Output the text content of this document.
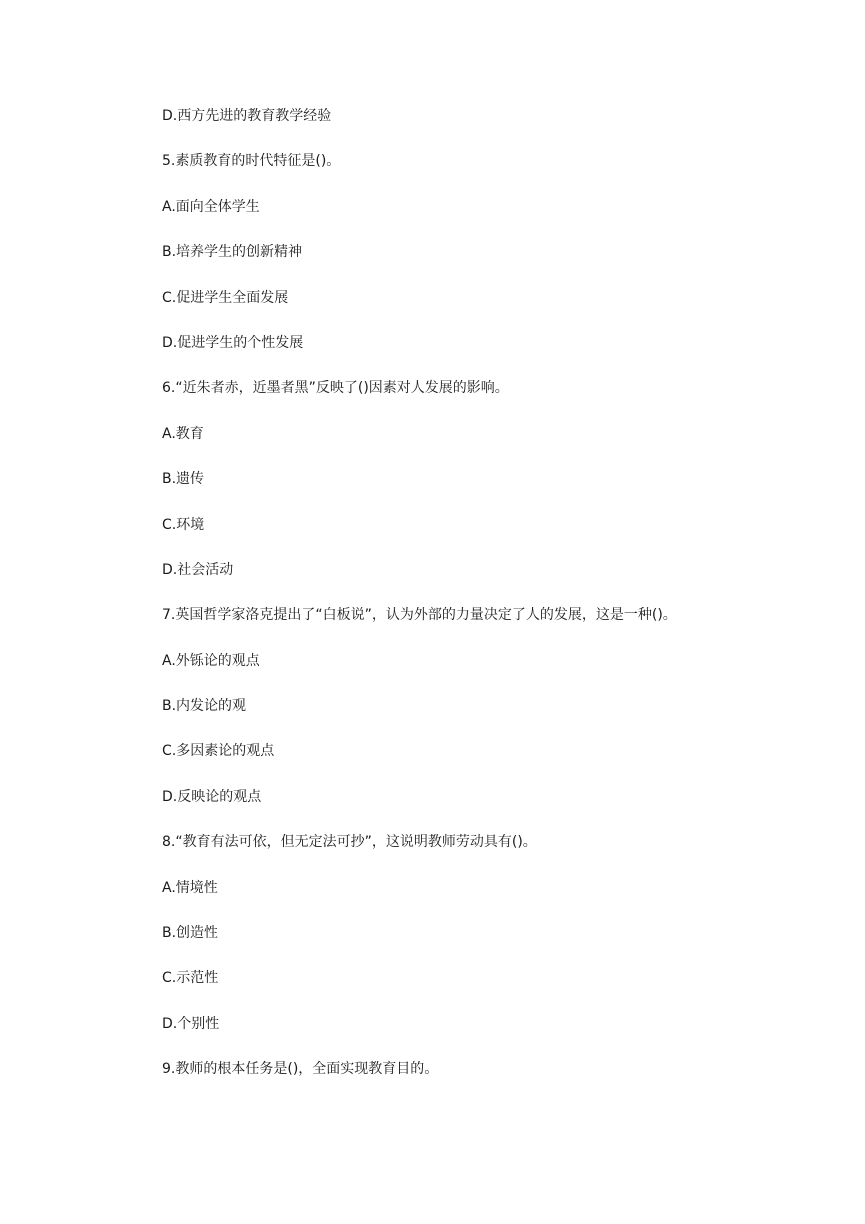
D.西方先进的教育教学经验

5.素质教育的时代特征是()。

A.面向全体学生

B.培养学生的创新精神

C.促进学生全面发展

D.促进学生的个性发展

6.“近朱者赤，近墨者黑”反映了()因素对人发展的影响。

A.教育

B.遗传

C.环境

D.社会活动

7.英国哲学家洛克提出了“白板说”，认为外部的力量决定了人的发展，这是一种()。

A.外铄论的观点

B.内发论的观

C.多因素论的观点

D.反映论的观点

8.“教育有法可依，但无定法可抄”，这说明教师劳动具有()。

A.情境性

B.创造性

C.示范性

D.个别性

9.教师的根本任务是()，全面实现教育目的。
